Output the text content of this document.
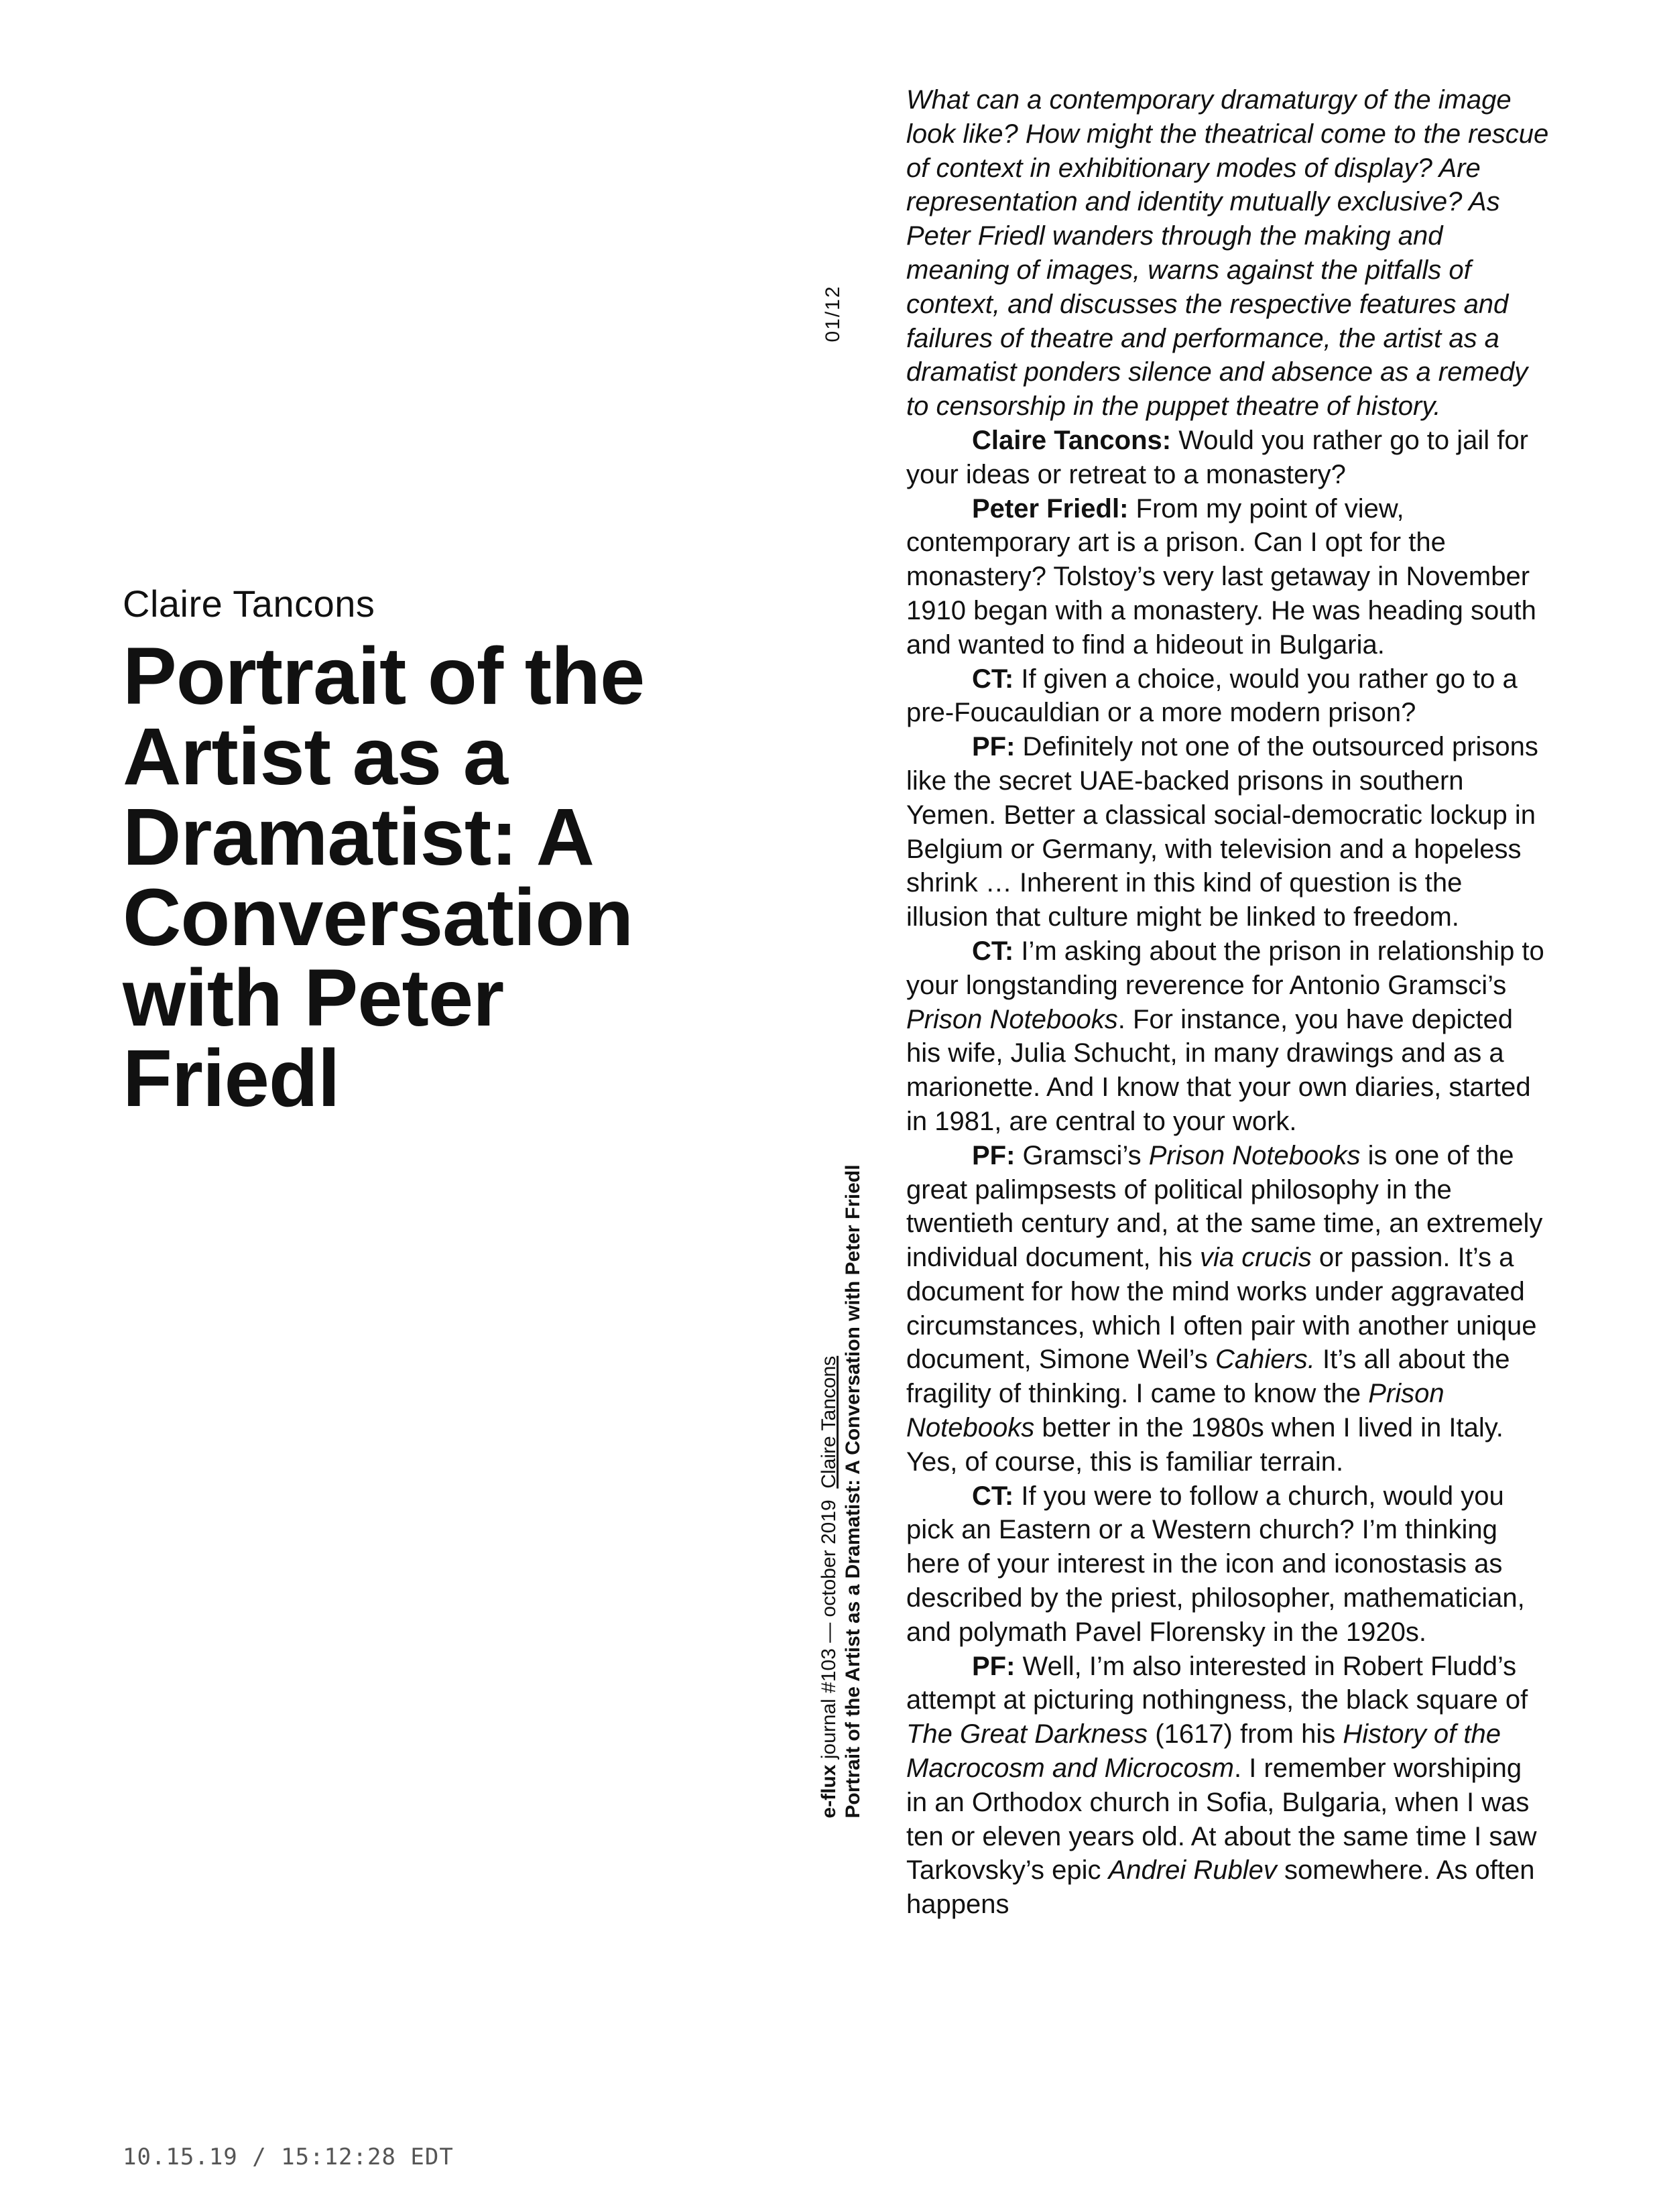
Claire Tancons
Portrait of the Artist as a Dramatist: A Conversation with Peter Friedl
01/12
e-flux journal #103 — october 2019  Claire Tancons Portrait of the Artist as a Dramatist: A Conversation with Peter Friedl

What can a contemporary dramaturgy of the image look like? How might the theatrical come to the rescue of context in exhibitionary modes of display? Are representation and identity mutually exclusive? As Peter Friedl wanders through the making and meaning of images, warns against the pitfalls of context, and discusses the respective features and failures of theatre and performance, the artist as a dramatist ponders silence and absence as a remedy to censorship in the puppet theatre of history.

Claire Tancons: Would you rather go to jail for your ideas or retreat to a monastery?

Peter Friedl: From my point of view, contemporary art is a prison. Can I opt for the monastery? Tolstoy’s very last getaway in November 1910 began with a monastery. He was heading south and wanted to find a hideout in Bulgaria.

CT: If given a choice, would you rather go to a pre-Foucauldian or a more modern prison?

PF: Definitely not one of the outsourced prisons like the secret UAE-backed prisons in southern Yemen. Better a classical social-democratic lockup in Belgium or Germany, with television and a hopeless shrink … Inherent in this kind of question is the illusion that culture might be linked to freedom.

CT: I’m asking about the prison in relationship to your longstanding reverence for Antonio Gramsci’s Prison Notebooks. For instance, you have depicted his wife, Julia Schucht, in many drawings and as a marionette. And I know that your own diaries, started in 1981, are central to your work.

PF: Gramsci’s Prison Notebooks is one of the great palimpsests of political philosophy in the twentieth century and, at the same time, an extremely individual document, his via crucis or passion. It’s a document for how the mind works under aggravated circumstances, which I often pair with another unique document, Simone Weil’s Cahiers. It’s all about the fragility of thinking. I came to know the Prison Notebooks better in the 1980s when I lived in Italy. Yes, of course, this is familiar terrain.

CT: If you were to follow a church, would you pick an Eastern or a Western church? I’m thinking here of your interest in the icon and iconostasis as described by the priest, philosopher, mathematician, and polymath Pavel Florensky in the 1920s.

PF: Well, I’m also interested in Robert Fludd’s attempt at picturing nothingness, the black square of The Great Darkness (1617) from his History of the Macrocosm and Microcosm. I remember worshiping in an Orthodox church in Sofia, Bulgaria, when I was ten or eleven years old. At about the same time I saw Tarkovsky’s epic Andrei Rublev somewhere. As often happens

10.15.19 / 15:12:28 EDT
